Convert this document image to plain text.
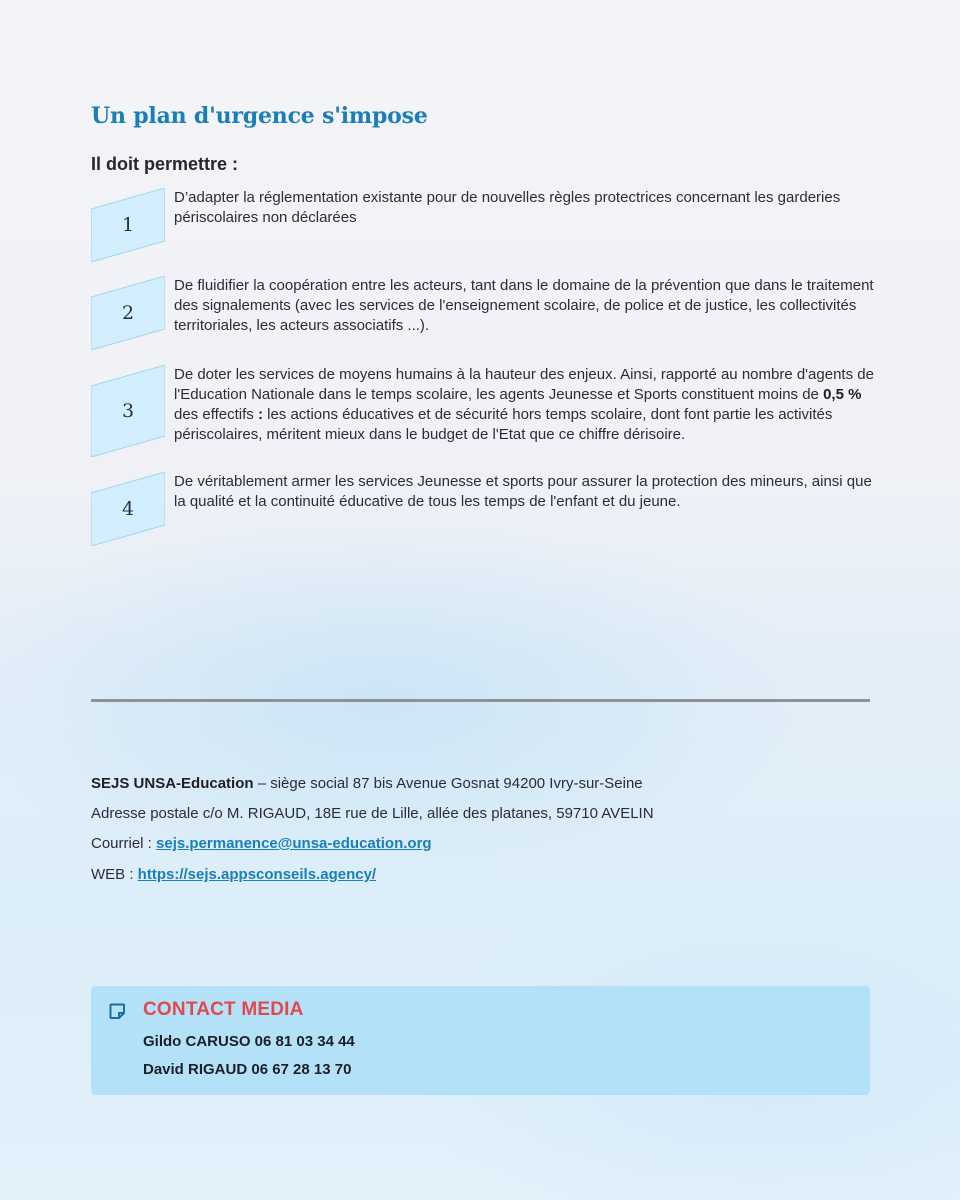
Un plan d'urgence s'impose
Il doit permettre :
1

D’adapter la réglementation existante pour de nouvelles règles protectrices concernant les garderies périscolaires non déclarées

2

De fluidifier la coopération entre les acteurs, tant dans le domaine de la prévention que dans le traitement des signalements (avec les services de l'enseignement scolaire, de police et de justice, les collectivités territoriales, les acteurs associatifs ...).

3

De doter les services de moyens humains à la hauteur des enjeux. Ainsi, rapporté au nombre d'agents de l'Education Nationale dans le temps scolaire, les agents Jeunesse et Sports constituent moins de 0,5 % des effectifs : les actions éducatives et de sécurité hors temps scolaire, dont font partie les activités périscolaires, méritent mieux dans le budget de l'Etat que ce chiffre dérisoire.

4

De véritablement armer les services Jeunesse et sports pour assurer la protection des mineurs, ainsi que la qualité et la continuité éducative de tous les temps de l'enfant et du jeune.

SEJS UNSA-Education – siège social 87 bis Avenue Gosnat 94200 Ivry-sur-Seine

Adresse postale c/o M. RIGAUD, 18E rue de Lille, allée des platanes, 59710 AVELIN

Courriel : sejs.permanence@unsa-education.org

WEB : https://sejs.appsconseils.agency/

CONTACT MEDIA

Gildo CARUSO 06 81 03 34 44

David RIGAUD 06 67 28 13 70
